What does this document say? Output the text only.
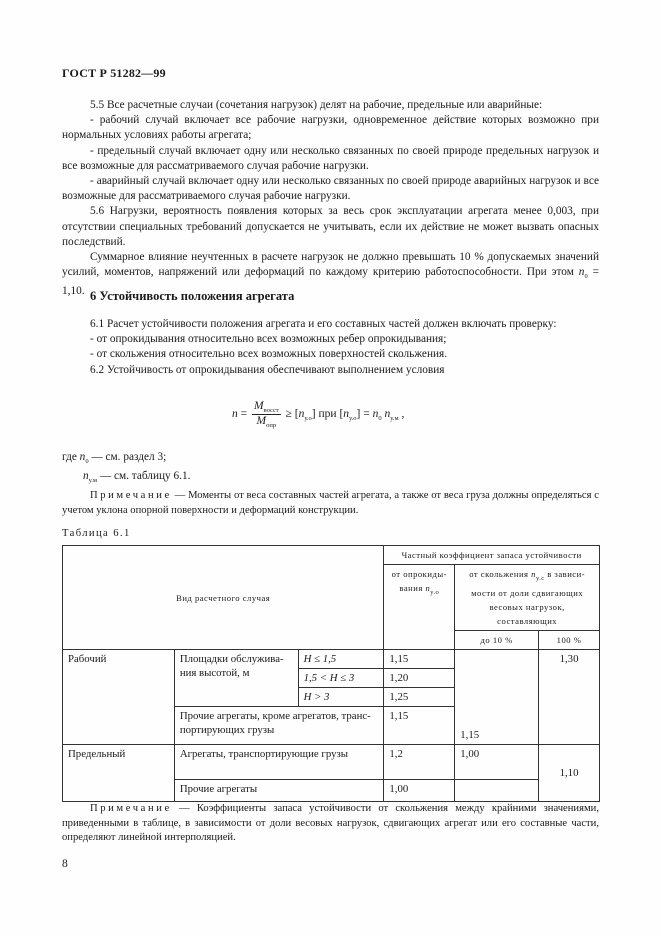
ГОСТ Р 51282—99

5.5 Все расчетные случаи (сочетания нагрузок) делят на рабочие, предельные или аварийные:

- рабочий случай включает все рабочие нагрузки, одновременное действие которых возможно при нормальных условиях работы агрегата;

- предельный случай включает одну или несколько связанных по своей природе предельных нагрузок и все возможные для рассматриваемого случая рабочие нагрузки.

- аварийный случай включает одну или несколько связанных по своей природе аварийных нагрузок и все возможные для рассматриваемого случая рабочие нагрузки.

5.6 Нагрузки, вероятность появления которых за весь срок эксплуатации агрегата менее 0,003, при отсутствии специальных требований допускается не учитывать, если их действие не может вызвать опасных последствий.

Суммарное влияние неучтенных в расчете нагрузок не должно превышать 10 % допускаемых значений усилий, моментов, напряжений или деформаций по каждому критерию работоспособности. При этом $n_0 = 1,10$. 6 Устойчивость положения агрегата

6.1 Расчет устойчивости положения агрегата и его составных частей должен включать проверку:

- от опрокидывания относительно всех возможных ребер опрокидывания;

- от скольжения относительно всех возможных поверхностей скольжения.

6.2 Устойчивость от опрокидывания обеспечивают выполнением условия

$n = \frac{M_{восст}}{M_{опр}} \ge [n_{у.о}]$ при $[n_{у.о}] = n_0$ $n_{у.м}$ ,
где $n_0$ — см. раздел 3;
$n_{у.м}$ — см. таблицу 6.1.

Примечание — Моменты от веса составных частей агрегата, а также от веса груза должны определяться с учетом уклона опорной поверхности и деформаций конструкции.

Таблица 6.1
Вид расчетного случая			Частный коэффициент запаса устойчивости		
			от опрокиды-вания $n_{у.о}$	от скольжения $n_{у.с}$ в зависи-мости от доли сдвигающих весовых нагрузок, составляющих	
				до 10 %	100 %
Рабочий	Площадки обслужива-ния высотой, м	H ≤ 1,5	1,15	1,15	1,30
		1,5 < H ≤ 3	1,20		
		H > 3	1,25		
	Прочие агрегаты, кроме агрегатов, транс-портирующих грузы		1,15		
Предельный	Агрегаты, транспортирующие грузы		1,2	1,00	1,10
	Прочие агрегаты		1,00		

Примечание — Коэффициенты запаса устойчивости от скольжения между крайними значениями, приведенными в таблице, в зависимости от доли весовых нагрузок, сдвигающих агрегат или его составные части, определяют линейной интерполяцией.

8
